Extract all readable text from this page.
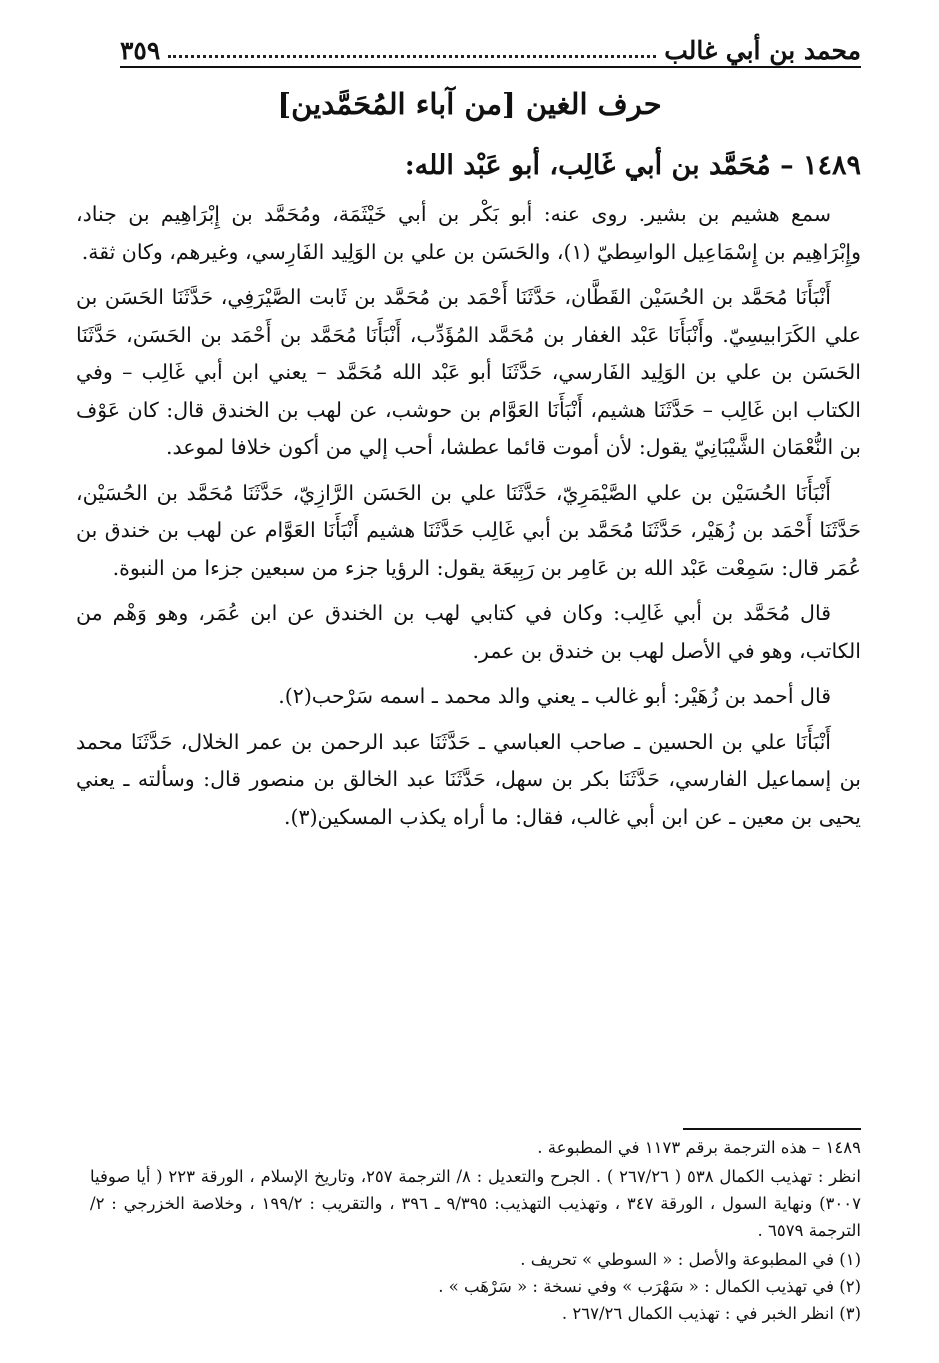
محمد بن أبي غالب
٣٥٩
حرف الغين [من آباء المُحَمَّدين]
١٤٨٩ – مُحَمَّد بن أبي غَالِب، أبو عَبْد الله:

سمع هشيم بن بشير. روى عنه: أبو بَكْر بن أبي خَيْثَمَة، ومُحَمَّد بن إِبْرَاهِيم بن جناد، وإِبْرَاهِيم بن إِسْمَاعِيل الواسِطيّ (١)، والحَسَن بن علي بن الوَلِيد الفَارِسي، وغيرهم، وكان ثقة.

أَنْبَأَنَا مُحَمَّد بن الحُسَيْن القَطَّان، حَدَّثَنَا أَحْمَد بن مُحَمَّد بن ثَابت الصَّيْرَفِي، حَدَّثَنَا الحَسَن بن علي الكَرَابيسِيّ. وأَنْبَأَنَا عَبْد الغفار بن مُحَمَّد المُؤَدِّب، أَنْبَأَنَا مُحَمَّد بن أَحْمَد بن الحَسَن، حَدَّثَنَا الحَسَن بن علي بن الوَلِيد الفَارسي، حَدَّثَنَا أبو عَبْد الله مُحَمَّد – يعني ابن أبي غَالِب – وفي الكتاب ابن غَالِب – حَدَّثَنَا هشيم، أَنْبَأَنَا العَوَّام بن حوشب، عن لهب بن الخندق قال: كان عَوْف بن النُّعْمَان الشَّيْبَانِيّ يقول: لأن أموت قائما عطشا، أحب إلي من أكون خلافا لموعد.

أَنْبَأَنَا الحُسَيْن بن علي الصَّيْمَرِيّ، حَدَّثَنَا علي بن الحَسَن الرَّازِيّ، حَدَّثَنَا مُحَمَّد بن الحُسَيْن، حَدَّثَنَا أَحْمَد بن زُهَيْر، حَدَّثَنَا مُحَمَّد بن أبي غَالِب حَدَّثَنَا هشيم أَنْبَأَنَا العَوَّام عن لهب بن خندق بن عُمَر قال: سَمِعْت عَبْد الله بن عَامِر بن رَبِيعَة يقول: الرؤيا جزء من سبعين جزءا من النبوة.

قال مُحَمَّد بن أبي غَالِب: وكان في كتابي لهب بن الخندق عن ابن عُمَر، وهو وَهْم من الكاتب، وهو في الأصل لهب بن خندق بن عمر.

قال أحمد بن زُهَيْر: أبو غالب ـ يعني والد محمد ـ اسمه سَرْحب(٢).

أَنْبَأَنَا علي بن الحسين ـ صاحب العباسي ـ حَدَّثَنَا عبد الرحمن بن عمر الخلال، حَدَّثَنَا محمد بن إسماعيل الفارسي، حَدَّثَنَا بكر بن سهل، حَدَّثَنَا عبد الخالق بن منصور قال: وسألته ـ يعني يحيى بن معين ـ عن ابن أبي غالب، فقال: ما أراه يكذب المسكين(٣).

١٤٨٩ – هذه الترجمة برقم ١١٧٣ في المطبوعة .

انظر : تهذيب الكمال ٥٣٨ ( ٢٦٧/٢٦ ) . الجرح والتعديل : ٨/ الترجمة ٢٥٧، وتاريخ الإسلام ، الورقة ٢٢٣ ( أيا صوفيا ٣٠٠٧) ونهاية السول ، الورقة ٣٤٧ ، وتهذيب التهذيب: ٩/٣٩٥ ـ ٣٩٦ ، والتقريب : ١٩٩/٢ ، وخلاصة الخزرجي : ٢/ الترجمة ٦٥٧٩ .

(١) في المطبوعة والأصل : « السوطي » تحريف .

(٢) في تهذيب الكمال : « سَهْرَب » وفي نسخة : « سَرْهَب » .

(٣) انظر الخبر في : تهذيب الكمال ٢٦٧/٢٦ .
